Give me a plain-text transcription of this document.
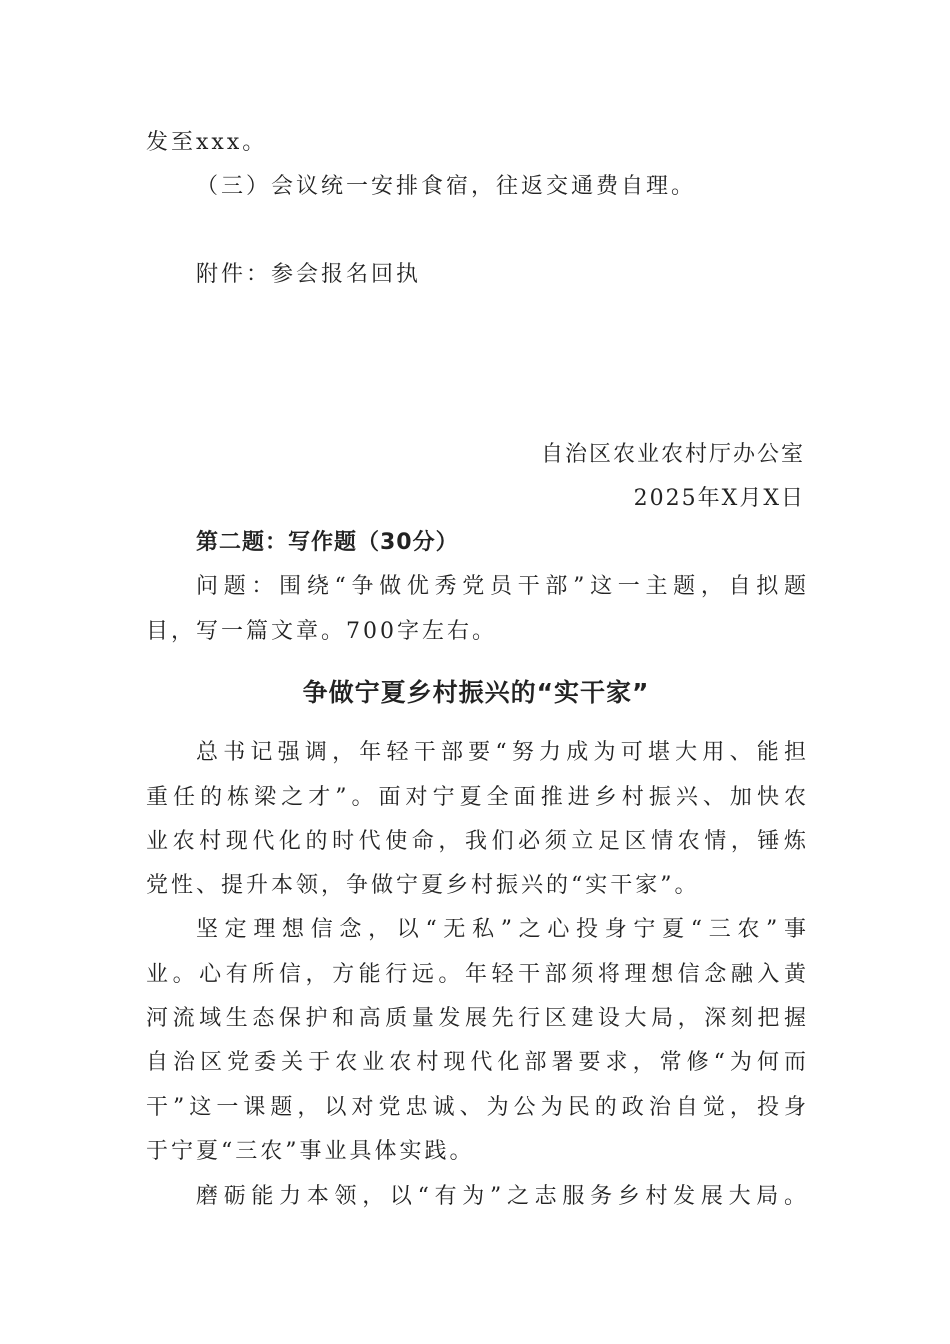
发至xxx。
（三）会议统一安排食宿，往返交通费自理。
附件：参会报名回执
自治区农业农村厅办公室
2025年X月X日
第二题：写作题（30分）
问题：围绕“争做优秀党员干部”这一主题，自拟题
目，写一篇文章。700字左右。
争做宁夏乡村振兴的“实干家”
总书记强调，年轻干部要“努力成为可堪大用、能担
重任的栋梁之才”。面对宁夏全面推进乡村振兴、加快农
业农村现代化的时代使命，我们必须立足区情农情，锤炼
党性、提升本领，争做宁夏乡村振兴的“实干家”。
坚定理想信念，以“无私”之心投身宁夏“三农”事
业。心有所信，方能行远。年轻干部须将理想信念融入黄
河流域生态保护和高质量发展先行区建设大局，深刻把握
自治区党委关于农业农村现代化部署要求，常修“为何而
干”这一课题，以对党忠诚、为公为民的政治自觉，投身
于宁夏“三农”事业具体实践。
磨砺能力本领，以“有为”之志服务乡村发展大局。
